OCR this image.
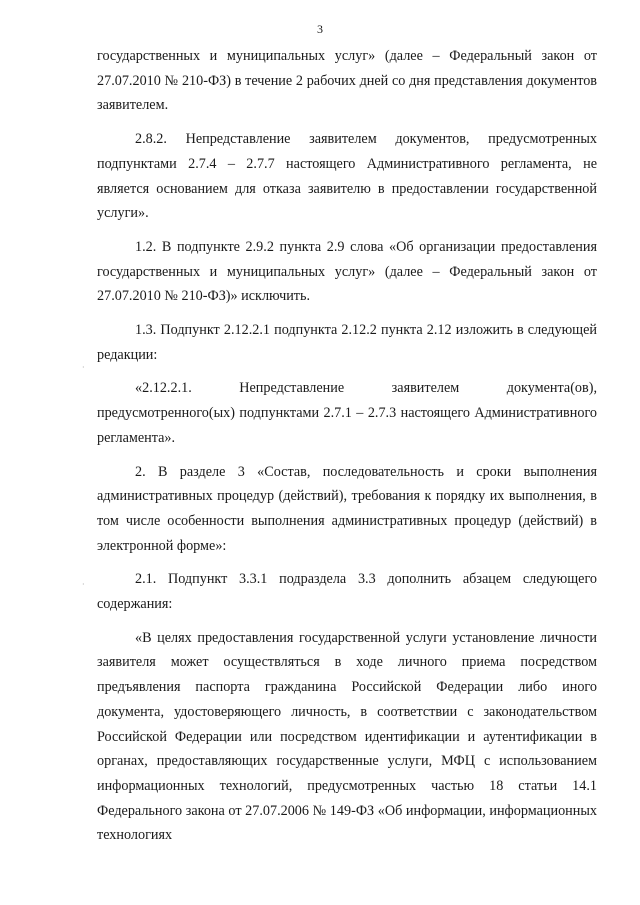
3
·
·

государственных и муниципальных услуг» (далее – Федеральный закон от 27.07.2010 № 210-ФЗ) в течение 2 рабочих дней со дня представления документов заявителем.

2.8.2. Непредставление заявителем документов, предусмотренных подпунктами 2.7.4 – 2.7.7 настоящего Административного регламента, не является основанием для отказа заявителю в предоставлении государственной услуги».

1.2. В подпункте 2.9.2 пункта 2.9 слова «Об организации предоставления государственных и муниципальных услуг» (далее – Федеральный закон от 27.07.2010 № 210-ФЗ)» исключить.

1.3. Подпункт 2.12.2.1 подпункта 2.12.2 пункта 2.12 изложить в следующей редакции:

«2.12.2.1. Непредставление заявителем документа(ов), предусмотренного(ых) подпунктами 2.7.1 – 2.7.3 настоящего Административного регламента».

2. В разделе 3 «Состав, последовательность и сроки выполнения административных процедур (действий), требования к порядку их выполнения, в том числе особенности выполнения административных процедур (действий) в электронной форме»:

2.1. Подпункт 3.3.1 подраздела 3.3 дополнить абзацем следующего содержания:

«В целях предоставления государственной услуги установление личности заявителя может осуществляться в ходе личного приема посредством предъявления паспорта гражданина Российской Федерации либо иного документа, удостоверяющего личность, в соответствии с законодательством Российской Федерации или посредством идентификации и аутентификации в органах, предоставляющих государственные услуги, МФЦ с использованием информационных технологий, предусмотренных частью 18 статьи 14.1 Федерального закона от 27.07.2006 № 149-ФЗ «Об информации, информационных технологиях
